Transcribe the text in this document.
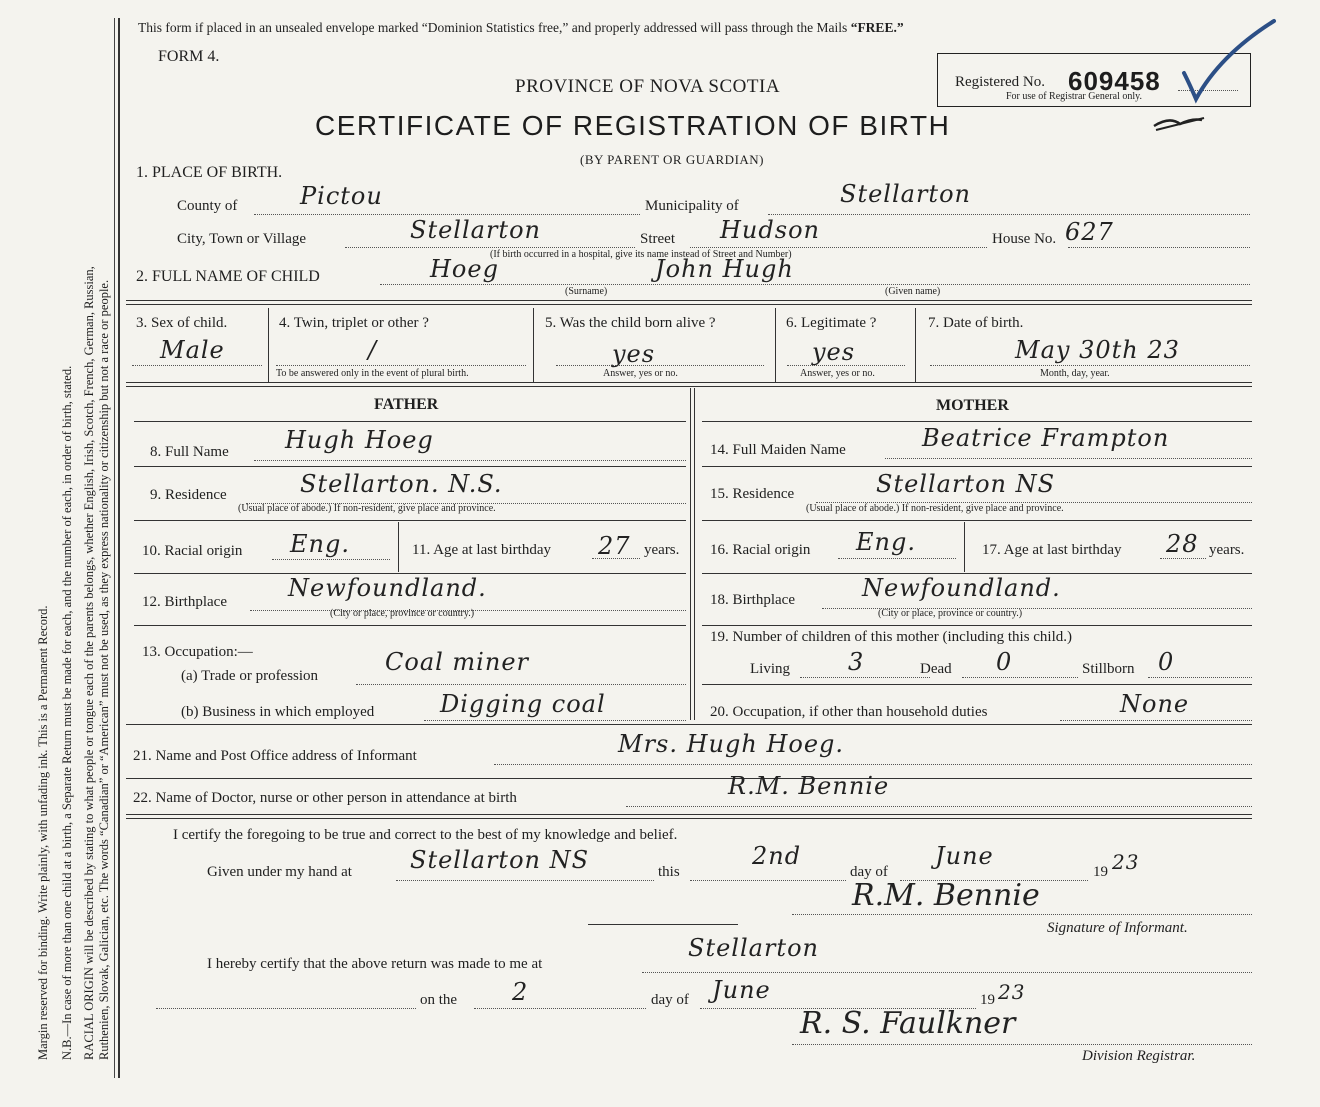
Margin reserved for binding. Write plainly, with unfading ink. This is a Permanent Record. N.B.—In case of more than one child at a birth, a Separate Return must be made for each, and the number of each, in order of birth, stated. RACIAL ORIGIN will be described by stating to what people or tongue each of the parents belongs, whether English, Irish, Scotch, French, German, Russian, Ruthenien, Slovak, Galician, etc. The words “Canadian” or “American” must not be used, as they express nationality or citizenship but not a race or people.
This form if placed in an unsealed envelope marked “Dominion Statistics free,” and properly addressed will pass through the Mails “FREE.”
FORM 4.
PROVINCE OF NOVA SCOTIA
CERTIFICATE OF REGISTRATION OF BIRTH
(BY PARENT OR GUARDIAN)
Registered No. 609458
For use of Registrar General only.
1. PLACE OF BIRTH.
County of	Pictou	Municipality of	Stellarton
City, Town or Village	Stellarton	Street Hudson	House No. 627
(If birth occurred in a hospital, give its name instead of Street and Number)
2. FULL NAME OF CHILD	Hoeg	John Hugh
(Surname)	(Given name)
3. Sex of child.
Male
4. Twin, triplet or other ?
/
To be answered only in the event of plural birth.
5. Was the child born alive ?
yes
Answer, yes or no.
6. Legitimate ?
yes
Answer, yes or no.
7. Date of birth.
May 30th 23
Month, day, year.
FATHER	MOTHER
8. Full Name Hugh Hoeg
9. Residence	Stellarton. N.S.
(Usual place of abode.) If non-resident, give place and province.
10. Racial origin Eng.	11. Age at last birthday 27 years.
12. Birthplace	Newfoundland.
(City or place, province or country.)
13. Occupation:—
(a) Trade or profession	Coal miner
(b) Business in which employed	Digging coal
14. Full Maiden Name	Beatrice Frampton
15. Residence	Stellarton NS
(Usual place of abode.) If non-resident, give place and province.
16. Racial origin Eng.	17. Age at last birthday 28 years.
18. Birthplace	Newfoundland.
(City or place, province or country.)
19. Number of children of this mother (including this child.)
Living 3	Dead 0	Stillborn 0
20. Occupation, if other than household duties	None
21. Name and Post Office address of Informant	Mrs. Hugh Hoeg.
22. Name of Doctor, nurse or other person in attendance at birth	R.M. Bennie
I certify the foregoing to be true and correct to the best of my knowledge and belief.
Given under my hand at Stellarton NS	this
2nd
day of
June
19 23
R.M. Bennie
Signature of Informant.
I hereby certify that the above return was made to me at
Stellarton
on the 2	day of June	19 23
R. S. Faulkner
Division Registrar.
